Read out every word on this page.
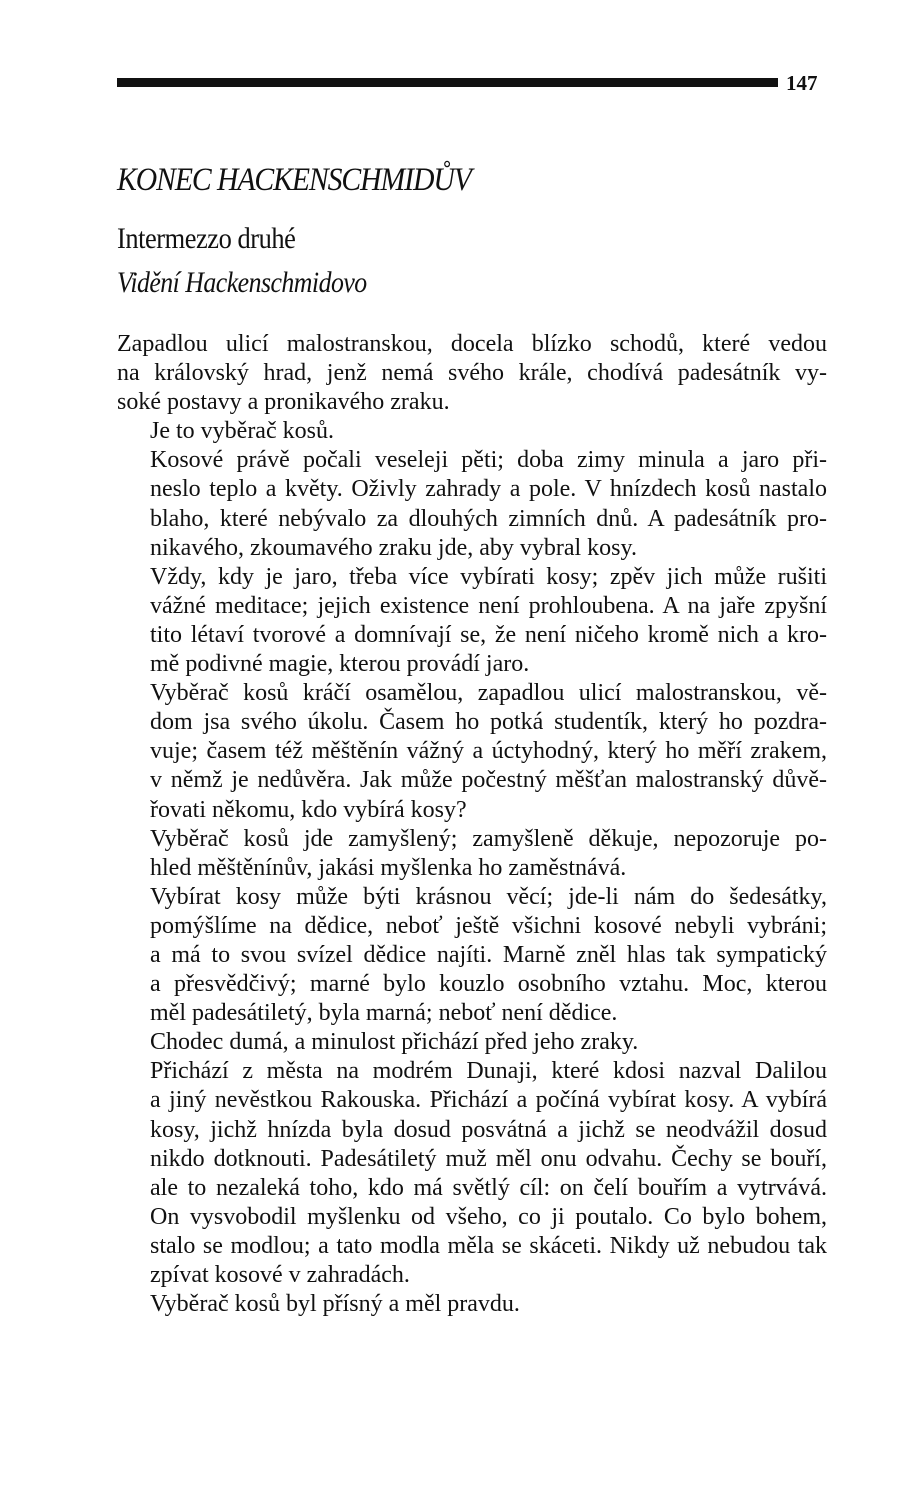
147
KONEC HACKENSCHMIDŮV
Intermezzo druhé
Vidění Hackenschmidovo

Zapadlou ulicí malostranskou, docela blízko schodů, které vedou
na královský hrad, jenž nemá svého krále, chodívá padesátník vy-
soké postavy a pronikavého zraku.

Je to vyběrač kosů.

Kosové právě počali veseleji pěti; doba zimy minula a jaro při-
neslo teplo a květy. Oživly zahrady a pole. V hnízdech kosů nastalo
blaho, které nebývalo za dlouhých zimních dnů. A padesátník pro-
nikavého, zkoumavého zraku jde, aby vybral kosy.

Vždy, kdy je jaro, třeba více vybírati kosy; zpěv jich může rušiti
vážné meditace; jejich existence není prohloubena. A na jaře zpyšní
tito létaví tvorové a domnívají se, že není ničeho kromě nich a kro-
mě podivné magie, kterou provádí jaro.

Vyběrač kosů kráčí osamělou, zapadlou ulicí malostranskou, vě-
dom jsa svého úkolu. Časem ho potká studentík, který ho pozdra-
vuje; časem též měštěnín vážný a úctyhodný, který ho měří zrakem,
v němž je nedůvěra. Jak může počestný měšťan malostranský důvě-
řovati někomu, kdo vybírá kosy?

Vyběrač kosů jde zamyšlený; zamyšleně děkuje, nepozoruje po-
hled měštěnínův, jakási myšlenka ho zaměstnává.

Vybírat kosy může býti krásnou věcí; jde-li nám do šedesátky,
pomýšlíme na dědice, neboť ještě všichni kosové nebyli vybráni;
a má to svou svízel dědice najíti. Marně zněl hlas tak sympatický
a přesvědčivý; marné bylo kouzlo osobního vztahu. Moc, kterou
měl padesátiletý, byla marná; neboť není dědice.

Chodec dumá, a minulost přichází před jeho zraky.

Přichází z města na modrém Dunaji, které kdosi nazval Dalilou
a jiný nevěstkou Rakouska. Přichází a počíná vybírat kosy. A vybírá
kosy, jichž hnízda byla dosud posvátná a jichž se neodvážil dosud
nikdo dotknouti. Padesátiletý muž měl onu odvahu. Čechy se bouří,
ale to nezaleká toho, kdo má světlý cíl: on čelí bouřím a vytrvává.
On vysvobodil myšlenku od všeho, co ji poutalo. Co bylo bohem,
stalo se modlou; a tato modla měla se skáceti. Nikdy už nebudou tak
zpívat kosové v zahradách.

Vyběrač kosů byl přísný a měl pravdu.
